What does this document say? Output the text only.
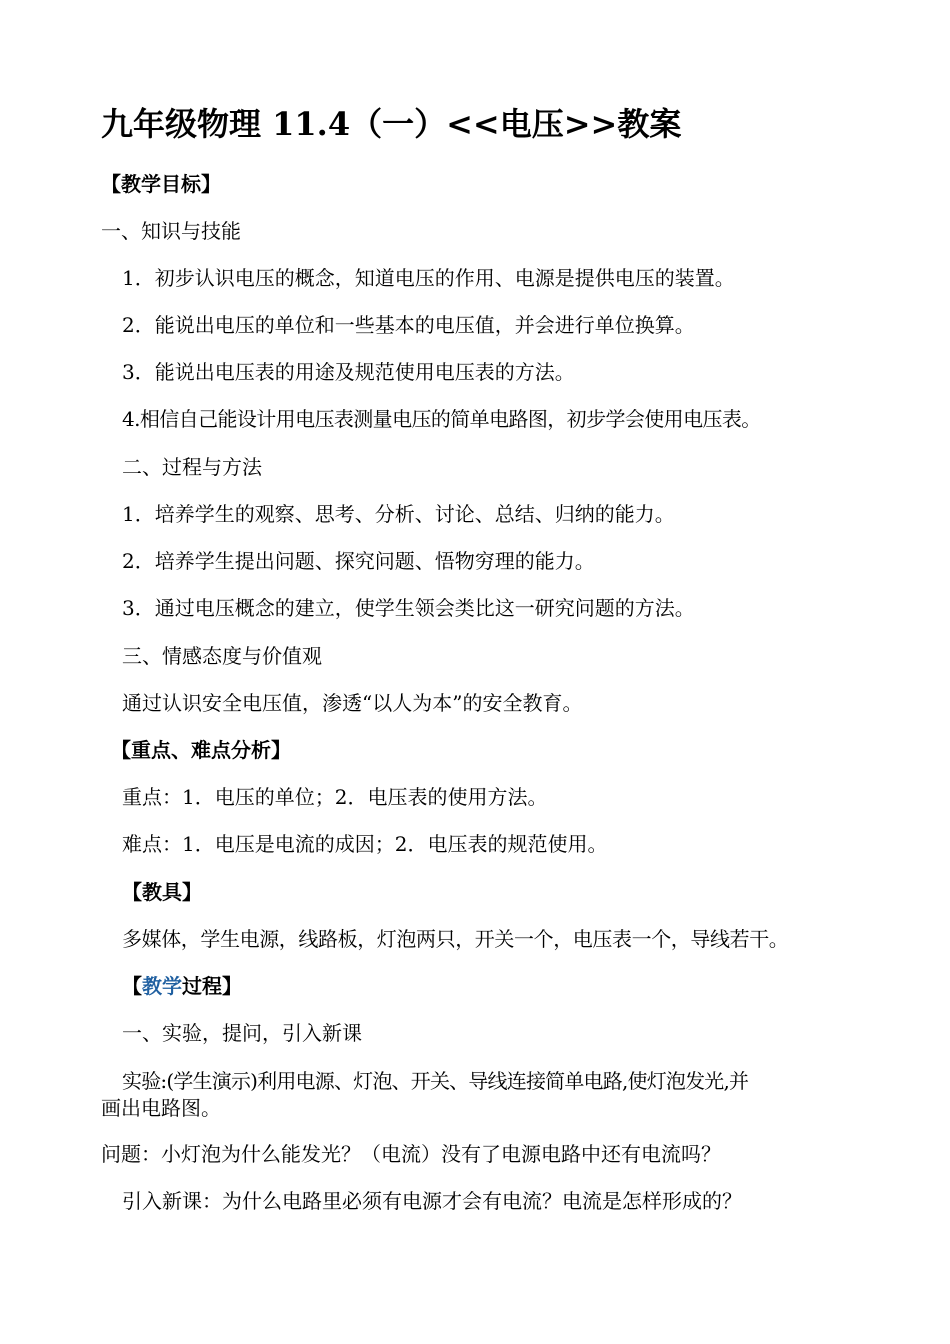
九年级物理 11.4（一）<<电压>>教案
【教学目标】
一、知识与技能
1．初步认识电压的概念，知道电压的作用、电源是提供电压的装置。
2．能说出电压的单位和一些基本的电压值，并会进行单位换算。
3．能说出电压表的用途及规范使用电压表的方法。
4.相信自己能设计用电压表测量电压的简单电路图，初步学会使用电压表。
二、过程与方法
1．培养学生的观察、思考、分析、讨论、总结、归纳的能力。
2．培养学生提出问题、探究问题、悟物穷理的能力。
3．通过电压概念的建立，使学生领会类比这一研究问题的方法。
三、情感态度与价值观
通过认识安全电压值，渗透“以人为本”的安全教育。
【重点、难点分析】
重点：1．电压的单位；2．电压表的使用方法。
难点：1．电压是电流的成因；2．电压表的规范使用。
【教具】
多媒体，学生电源，线路板，灯泡两只，开关一个，电压表一个，导线若干。
【教学过程】
一、实验，提问，引入新课
实验:(学生演示)利用电源、灯泡、开关、导线连接简单电路,使灯泡发光,并
画出电路图。
问题：小灯泡为什么能发光？（电流）没有了电源电路中还有电流吗？
引入新课：为什么电路里必须有电源才会有电流？电流是怎样形成的？
